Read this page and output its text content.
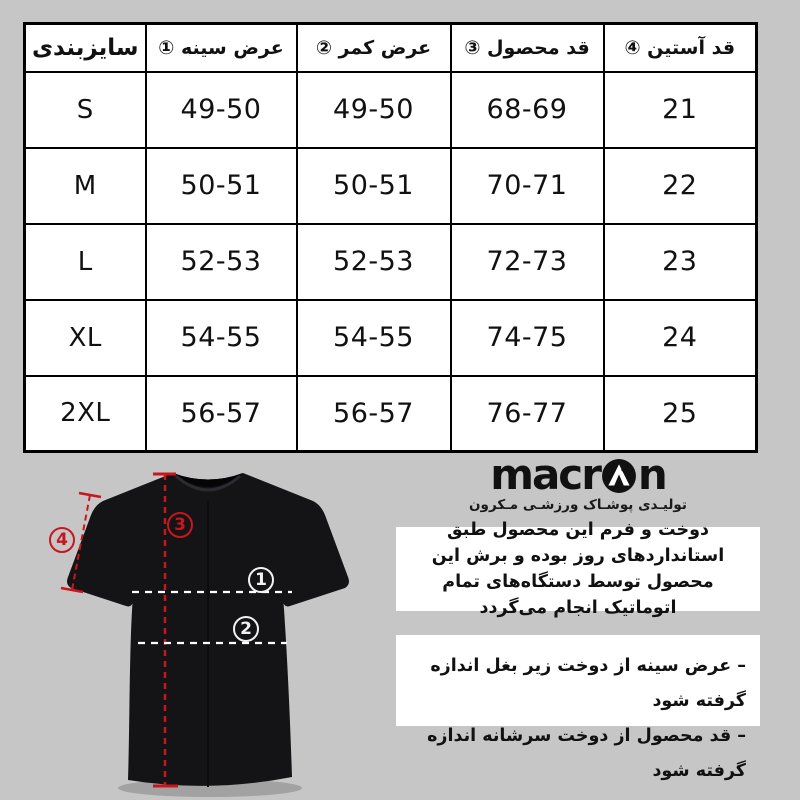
سایزبندی	عرض سینه ①	عرض کمر ②	قد محصول ③	قد آستین ④
S	49-50	49-50	68-69	21
M	50-51	50-51	70-71	22
L	52-53	52-53	72-73	23
XL	54-55	54-55	74-75	24
2XL	56-57	56-57	76-77	25
1
2
3
4
macr n
تولیـدی پوشـاک ورزشـی مـکرون

دوخت و فرم این محصول طبق استانداردهای روز بوده و برش این محصول توسط دستگاه‌های تمام اتوماتیک انجام می‌گردد

– عرض سینه از دوخت زیر بغل اندازه گرفته شود

– قد محصول از دوخت سرشانه اندازه گرفته شود
